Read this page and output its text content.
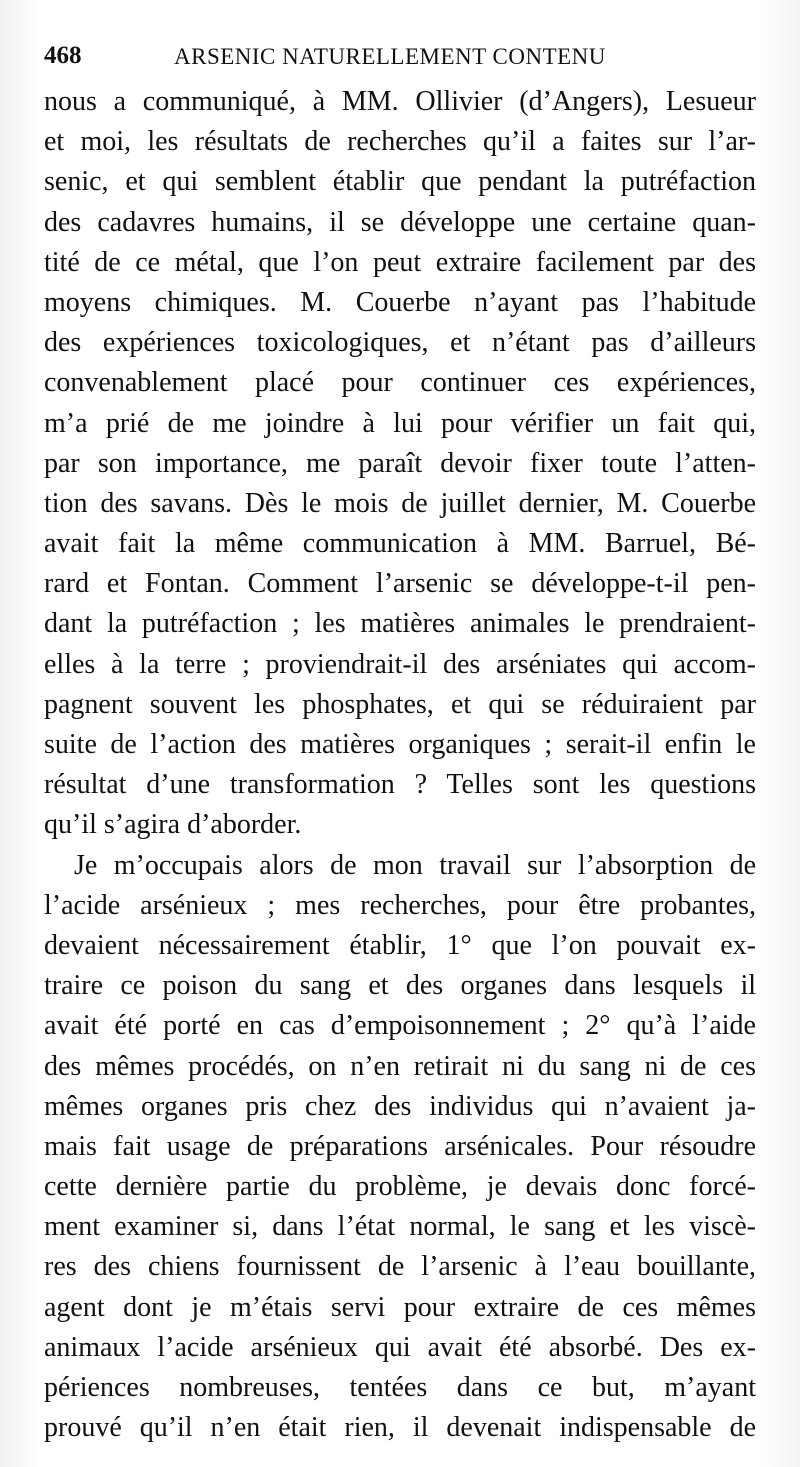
468	ARSENIC NATURELLEMENT CONTENU
nous a communiqué, à MM. Ollivier (d’Angers), Lesueur
et moi, les résultats de recherches qu’il a faites sur l’ar-
senic, et qui semblent établir que pendant la putréfaction
des cadavres humains, il se développe une certaine quan-
tité de ce métal, que l’on peut extraire facilement par des
moyens chimiques. M. Couerbe n’ayant pas l’habitude
des expériences toxicologiques, et n’étant pas d’ailleurs
convenablement placé pour continuer ces expériences,
m’a prié de me joindre à lui pour vérifier un fait qui,
par son importance, me paraît devoir fixer toute l’atten-
tion des savans. Dès le mois de juillet dernier, M. Couerbe
avait fait la même communication à MM. Barruel, Bé-
rard et Fontan. Comment l’arsenic se développe-t-il pen-
dant la putréfaction ; les matières animales le prendraient-
elles à la terre ; proviendrait-il des arséniates qui accom-
pagnent souvent les phosphates, et qui se réduiraient par
suite de l’action des matières organiques ; serait-il enfin le
résultat d’une transformation ? Telles sont les questions
qu’il s’agira d’aborder.
Je m’occupais alors de mon travail sur l’absorption de
l’acide arsénieux ; mes recherches, pour être probantes,
devaient nécessairement établir, 1° que l’on pouvait ex-
traire ce poison du sang et des organes dans lesquels il
avait été porté en cas d’empoisonnement ; 2° qu’à l’aide
des mêmes procédés, on n’en retirait ni du sang ni de ces
mêmes organes pris chez des individus qui n’avaient ja-
mais fait usage de préparations arsénicales. Pour résoudre
cette dernière partie du problème, je devais donc forcé-
ment examiner si, dans l’état normal, le sang et les viscè-
res des chiens fournissent de l’arsenic à l’eau bouillante,
agent dont je m’étais servi pour extraire de ces mêmes
animaux l’acide arsénieux qui avait été absorbé. Des ex-
périences nombreuses, tentées dans ce but, m’ayant
prouvé qu’il n’en était rien, il devenait indispensable de
